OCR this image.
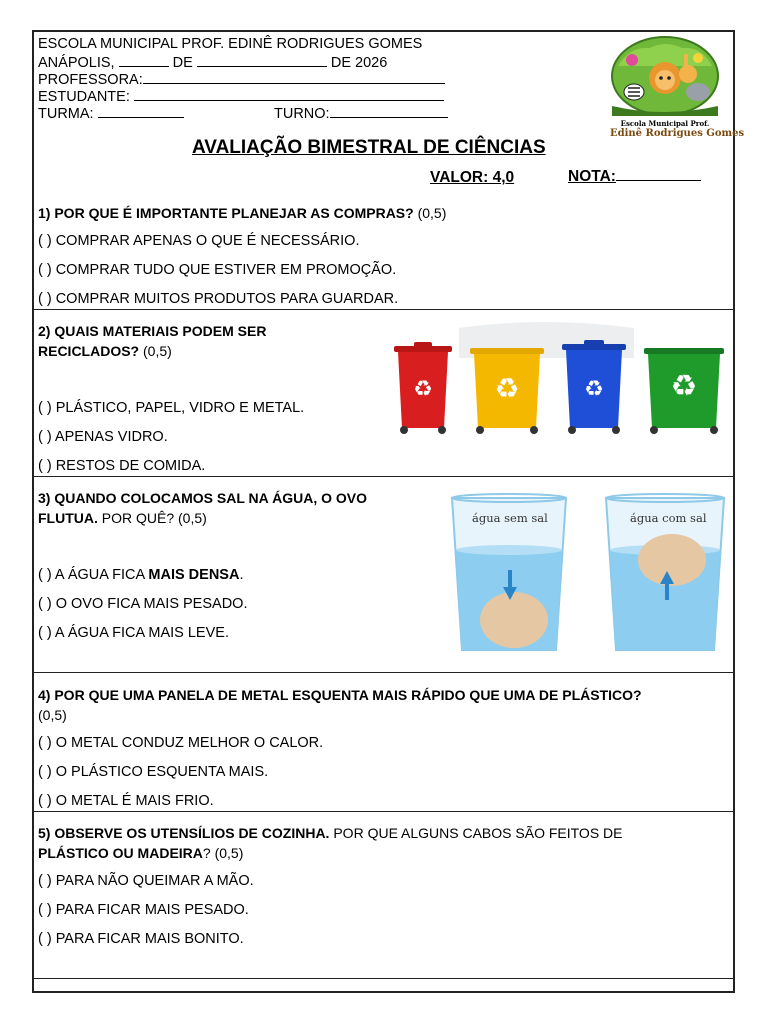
ESCOLA MUNICIPAL PROF. EDINÊ RODRIGUES GOMES
ANÁPOLIS,	DE	DE 2026
PROFESSORA:
ESTUDANTE:
TURMA:	TURNO:
Escola Municipal Prof.
Edinê Rodrigues Gomes
AVALIAÇÃO BIMESTRAL DE CIÊNCIAS
VALOR: 4,0	NOTA:
1) POR QUE É IMPORTANTE PLANEJAR AS COMPRAS? (0,5)
( ) COMPRAR APENAS O QUE É NECESSÁRIO.
( ) COMPRAR TUDO QUE ESTIVER EM PROMOÇÃO.
( ) COMPRAR MUITOS PRODUTOS PARA GUARDAR.
2) QUAIS MATERIAIS PODEM SER
RECICLADOS? (0,5)
( ) PLÁSTICO, PAPEL, VIDRO E METAL.
( ) APENAS VIDRO.
( ) RESTOS DE COMIDA.
♻ ♻	♻ ♻
3) QUANDO COLOCAMOS SAL NA ÁGUA, O OVO
FLUTUA. POR QUÊ? (0,5)
( ) A ÁGUA FICA MAIS DENSA.
( ) O OVO FICA MAIS PESADO.
( ) A ÁGUA FICA MAIS LEVE.
água sem sal	água com sal
4) POR QUE UMA PANELA DE METAL ESQUENTA MAIS RÁPIDO QUE UMA DE PLÁSTICO?
(0,5)
( ) O METAL CONDUZ MELHOR O CALOR.
( ) O PLÁSTICO ESQUENTA MAIS.
( ) O METAL É MAIS FRIO.
5) OBSERVE OS UTENSÍLIOS DE COZINHA. POR QUE ALGUNS CABOS SÃO FEITOS DE
PLÁSTICO OU MADEIRA? (0,5)
( ) PARA NÃO QUEIMAR A MÃO.
( ) PARA FICAR MAIS PESADO.
( ) PARA FICAR MAIS BONITO.
